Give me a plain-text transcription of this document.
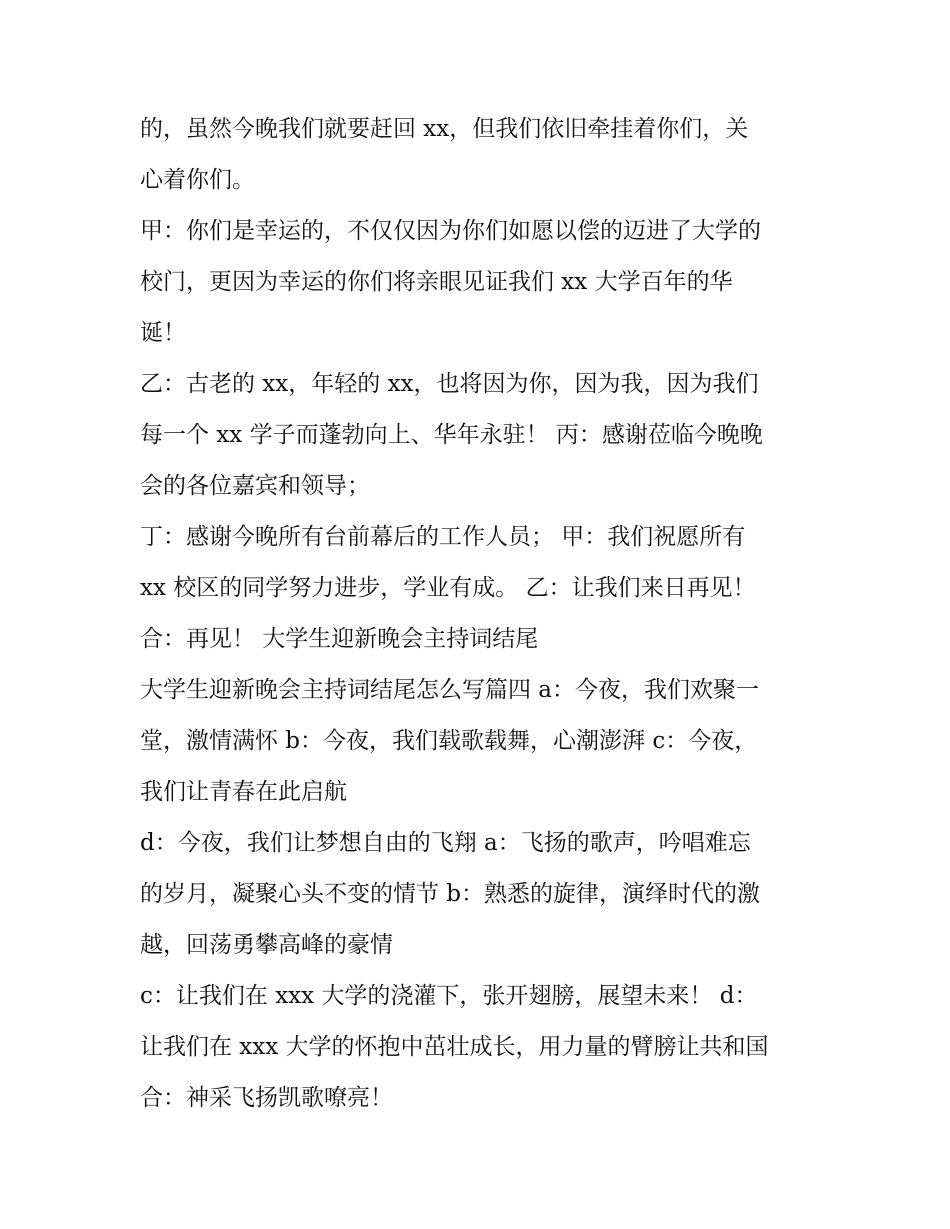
的，虽然今晚我们就要赶回 xx，但我们依旧牵挂着你们，关
心着你们。
甲：你们是幸运的，不仅仅因为你们如愿以偿的迈进了大学的
校门，更因为幸运的你们将亲眼见证我们 xx 大学百年的华
诞！
乙：古老的 xx，年轻的 xx，也将因为你，因为我，因为我们
每一个 xx 学子而蓬勃向上、华年永驻！ 丙：感谢莅临今晚晚
会的各位嘉宾和领导；
丁：感谢今晚所有台前幕后的工作人员； 甲：我们祝愿所有
xx 校区的同学努力进步，学业有成。 乙：让我们来日再见！
合：再见！ 大学生迎新晚会主持词结尾
大学生迎新晚会主持词结尾怎么写篇四 a：今夜，我们欢聚一
堂，激情满怀 b：今夜，我们载歌载舞，心潮澎湃 c：今夜，
我们让青春在此启航
d：今夜，我们让梦想自由的飞翔 a：飞扬的歌声，吟唱难忘
的岁月，凝聚心头不变的情节 b：熟悉的旋律，演绎时代的激
越，回荡勇攀高峰的豪情
c：让我们在 xxx 大学的浇灌下，张开翅膀，展望未来！ d：
让我们在 xxx 大学的怀抱中茁壮成长，用力量的臂膀让共和国
合：神采飞扬凯歌嘹亮！
